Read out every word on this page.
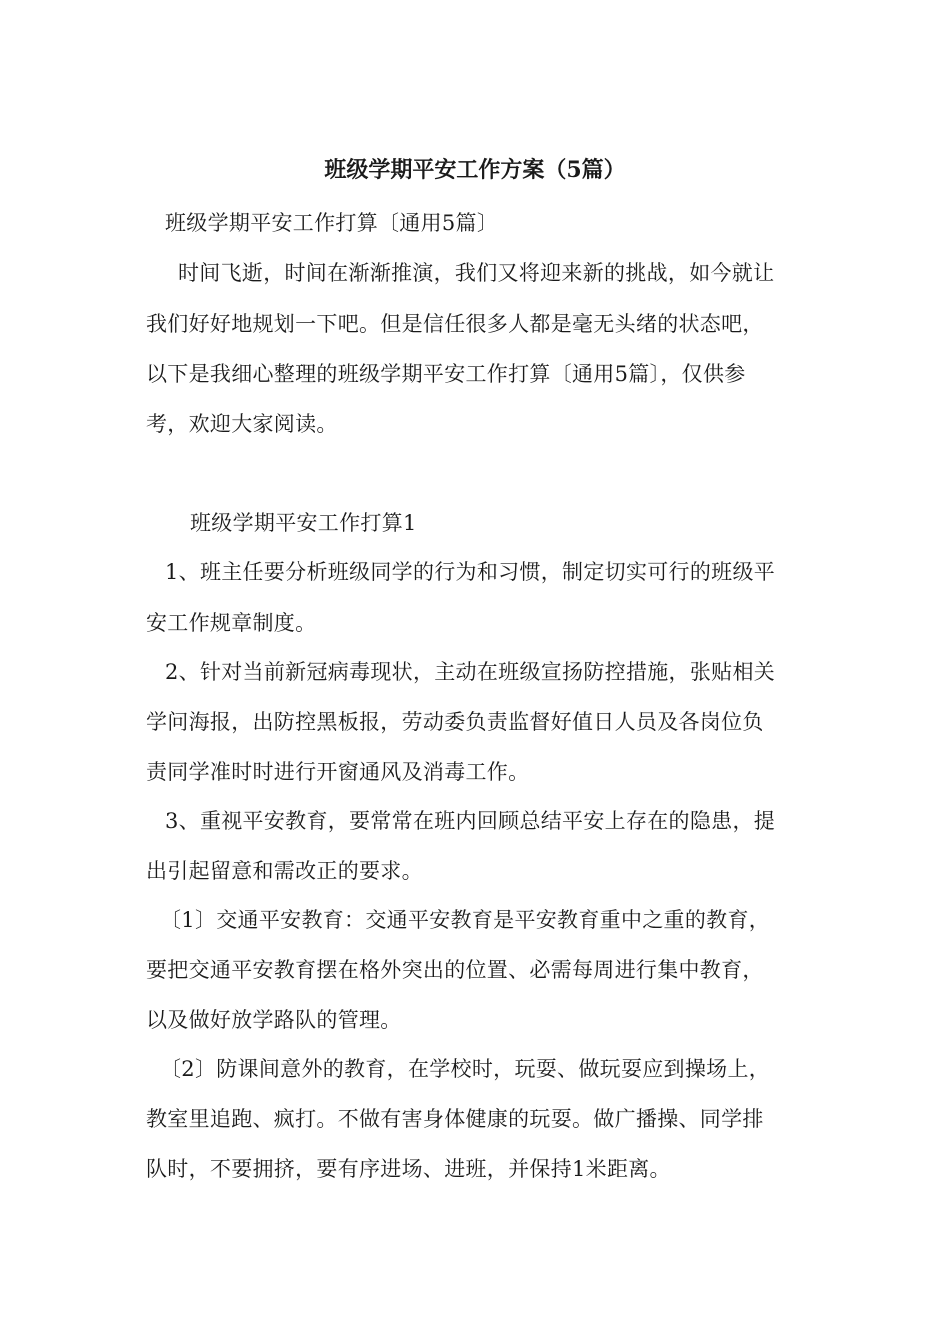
班级学期平安工作方案（5篇）
班级学期平安工作打算〔通用5篇〕
时间飞逝，时间在渐渐推演，我们又将迎来新的挑战，如今就让
我们好好地规划一下吧。但是信任很多人都是毫无头绪的状态吧，
以下是我细心整理的班级学期平安工作打算〔通用5篇〕，仅供参
考，欢迎大家阅读。
班级学期平安工作打算1
1、班主任要分析班级同学的行为和习惯，制定切实可行的班级平
安工作规章制度。
2、针对当前新冠病毒现状，主动在班级宣扬防控措施，张贴相关
学问海报，出防控黑板报，劳动委负责监督好值日人员及各岗位负
责同学准时时进行开窗通风及消毒工作。
3、重视平安教育，要常常在班内回顾总结平安上存在的隐患，提
出引起留意和需改正的要求。
〔1〕交通平安教育：交通平安教育是平安教育重中之重的教育，
要把交通平安教育摆在格外突出的位置、必需每周进行集中教育，
以及做好放学路队的管理。
〔2〕防课间意外的教育，在学校时，玩耍、做玩耍应到操场上，
教室里追跑、疯打。不做有害身体健康的玩耍。做广播操、同学排
队时，不要拥挤，要有序进场、进班，并保持1米距离。
